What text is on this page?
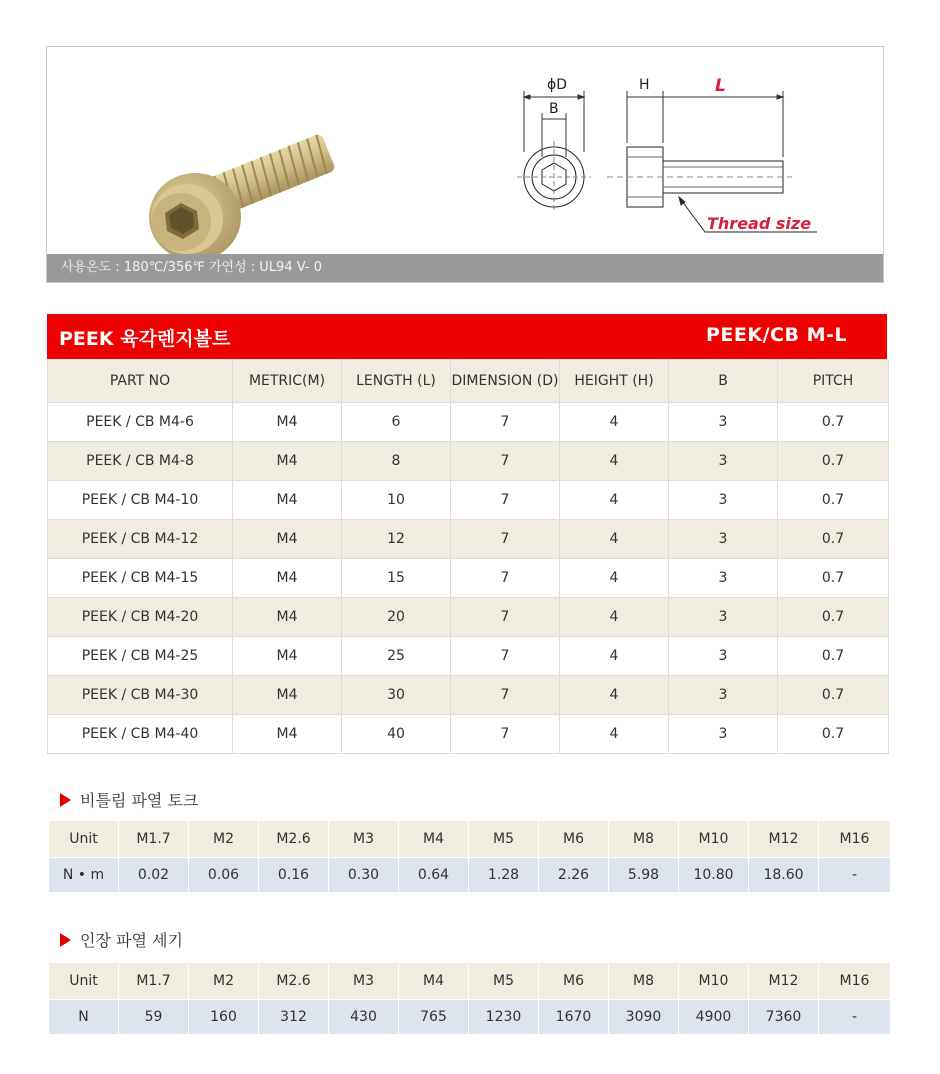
ϕD
B
H	L
Thread size
사용온도 : 180℃/356℉ 가연성 : UL94 V- 0
PEEK 육각렌지볼트	PEEK/CB M-L
PART NO	METRIC(M)	LENGTH (L)	DIMENSION (D)	HEIGHT (H)	B	PITCH
PEEK / CB M4-6	M4	6	7	4	3	0.7
PEEK / CB M4-8	M4	8	7	4	3	0.7
PEEK / CB M4-10	M4	10	7	4	3	0.7
PEEK / CB M4-12	M4	12	7	4	3	0.7
PEEK / CB M4-15	M4	15	7	4	3	0.7
PEEK / CB M4-20	M4	20	7	4	3	0.7
PEEK / CB M4-25	M4	25	7	4	3	0.7
PEEK / CB M4-30	M4	30	7	4	3	0.7
PEEK / CB M4-40	M4	40	7	4	3	0.7
비틀림 파열 토크
Unit	M1.7	M2	M2.6	M3	M4	M5	M6	M8	M10	M12	M16
N • m	0.02	0.06	0.16	0.30	0.64	1.28	2.26	5.98	10.80	18.60	-
인장 파열 세기
Unit	M1.7	M2	M2.6	M3	M4	M5	M6	M8	M10	M12	M16
N	59	160	312	430	765	1230	1670	3090	4900	7360	-
